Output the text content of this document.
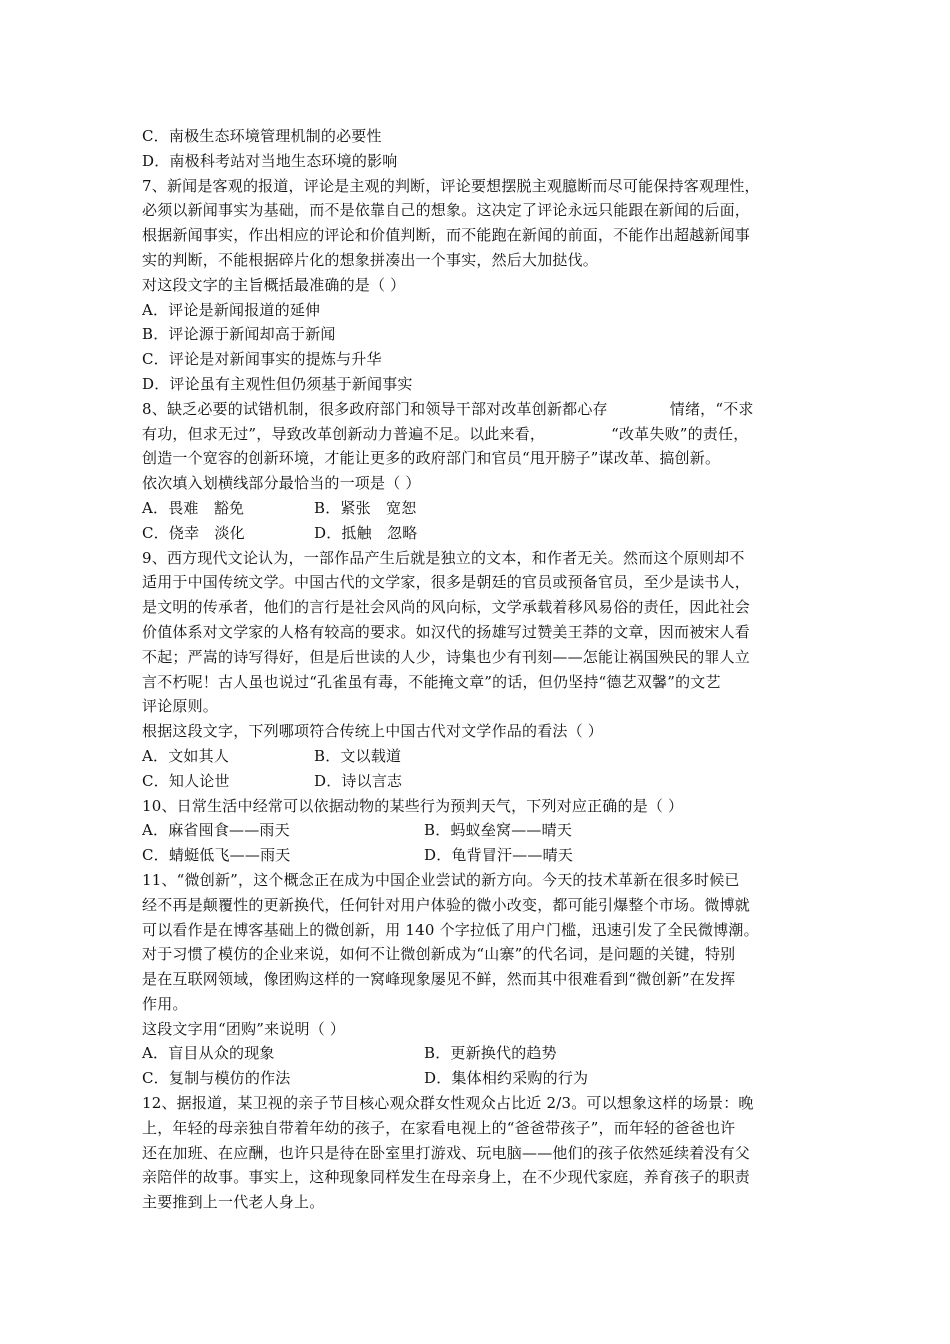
C．南极生态环境管理机制的必要性
D．南极科考站对当地生态环境的影响
7、新闻是客观的报道，评论是主观的判断，评论要想摆脱主观臆断而尽可能保持客观理性，
必须以新闻事实为基础，而不是依靠自己的想象。这决定了评论永远只能跟在新闻的后面，
根据新闻事实，作出相应的评论和价值判断，而不能跑在新闻的前面，不能作出超越新闻事
实的判断，不能根据碎片化的想象拼凑出一个事实，然后大加挞伐。
对这段文字的主旨概括最准确的是（ ）
A．评论是新闻报道的延伸
B．评论源于新闻却高于新闻
C．评论是对新闻事实的提炼与升华
D．评论虽有主观性但仍须基于新闻事实
8、缺乏必要的试错机制，很多政府部门和领导干部对改革创新都心存	情绪，“不求
有功，但求无过”，导致改革创新动力普遍不足。以此来看，	“改革失败”的责任，
创造一个宽容的创新环境，才能让更多的政府部门和官员“甩开膀子”谋改革、搞创新。
依次填入划横线部分最恰当的一项是（ ）
A．畏难　豁免	B．紧张　宽恕
C．侥幸　淡化	D．抵触　忽略
9、西方现代文论认为，一部作品产生后就是独立的文本，和作者无关。然而这个原则却不
适用于中国传统文学。中国古代的文学家，很多是朝廷的官员或预备官员，至少是读书人，
是文明的传承者，他们的言行是社会风尚的风向标，文学承载着移风易俗的责任，因此社会
价值体系对文学家的人格有较高的要求。如汉代的扬雄写过赞美王莽的文章，因而被宋人看
不起；严嵩的诗写得好，但是后世读的人少，诗集也少有刊刻——怎能让祸国殃民的罪人立
言不朽呢！古人虽也说过“孔雀虽有毒，不能掩文章”的话，但仍坚持“德艺双馨”的文艺
评论原则。
根据这段文字，下列哪项符合传统上中国古代对文学作品的看法（ ）
A．文如其人	B．文以载道
C．知人论世	D．诗以言志
10、日常生活中经常可以依据动物的某些行为预判天气，下列对应正确的是（ ）
A．麻省囤食——雨天	B．蚂蚁垒窝——晴天
C．蜻蜓低飞——雨天	D．龟背冒汗——晴天
11、“微创新”，这个概念正在成为中国企业尝试的新方向。今天的技术革新在很多时候已
经不再是颠覆性的更新换代，任何针对用户体验的微小改变，都可能引爆整个市场。微博就
可以看作是在博客基础上的微创新，用 140 个字拉低了用户门槛，迅速引发了全民微博潮。
对于习惯了模仿的企业来说，如何不让微创新成为“山寨”的代名词，是问题的关键，特别
是在互联网领域，像团购这样的一窝峰现象屡见不鲜，然而其中很难看到“微创新”在发挥
作用。
这段文字用“团购”来说明（ ）
A．盲目从众的现象	B．更新换代的趋势
C．复制与模仿的作法	D．集体相约采购的行为
12、据报道，某卫视的亲子节目核心观众群女性观众占比近 2/3。可以想象这样的场景：晚
上，年轻的母亲独自带着年幼的孩子，在家看电视上的“爸爸带孩子”，而年轻的爸爸也许
还在加班、在应酬，也许只是待在卧室里打游戏、玩电脑——他们的孩子依然延续着没有父
亲陪伴的故事。事实上，这种现象同样发生在母亲身上，在不少现代家庭，养育孩子的职责
主要推到上一代老人身上。
